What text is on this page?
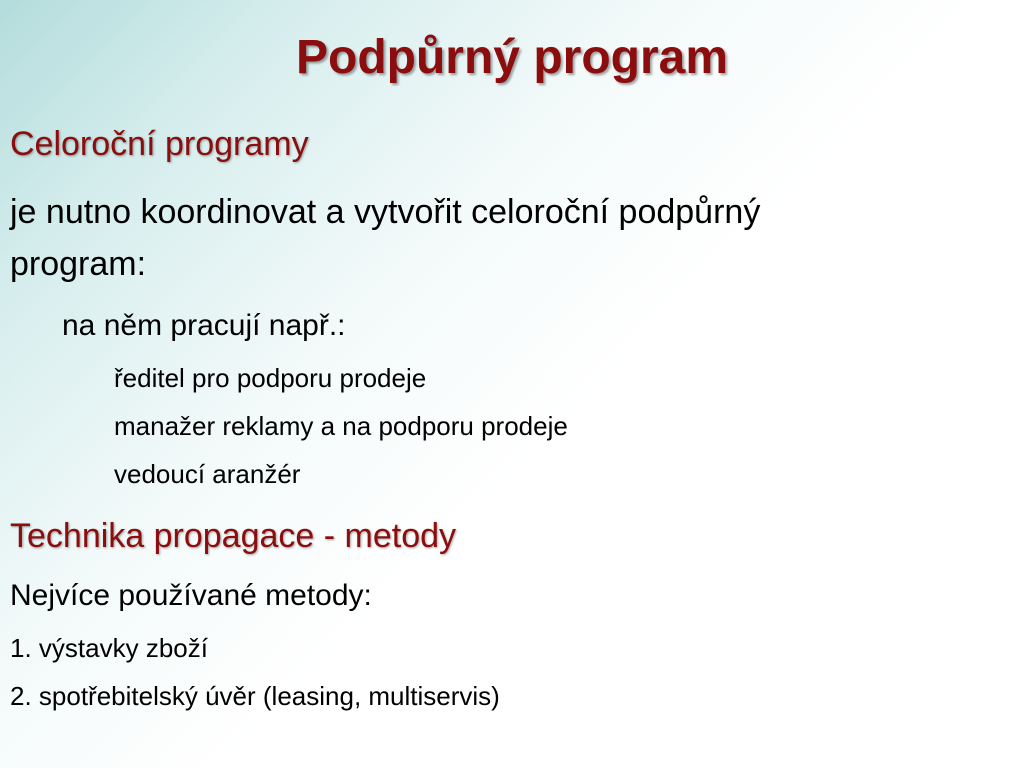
Podpůrný program

Celoroční programy

je nutno koordinovat a vytvořit celoroční podpůrný

program:

na něm pracují např.:

ředitel pro podporu prodeje

manažer reklamy a na podporu prodeje

vedoucí aranžér

Technika propagace - metody

Nejvíce používané metody:

1. výstavky zboží

2. spotřebitelský úvěr (leasing, multiservis)
